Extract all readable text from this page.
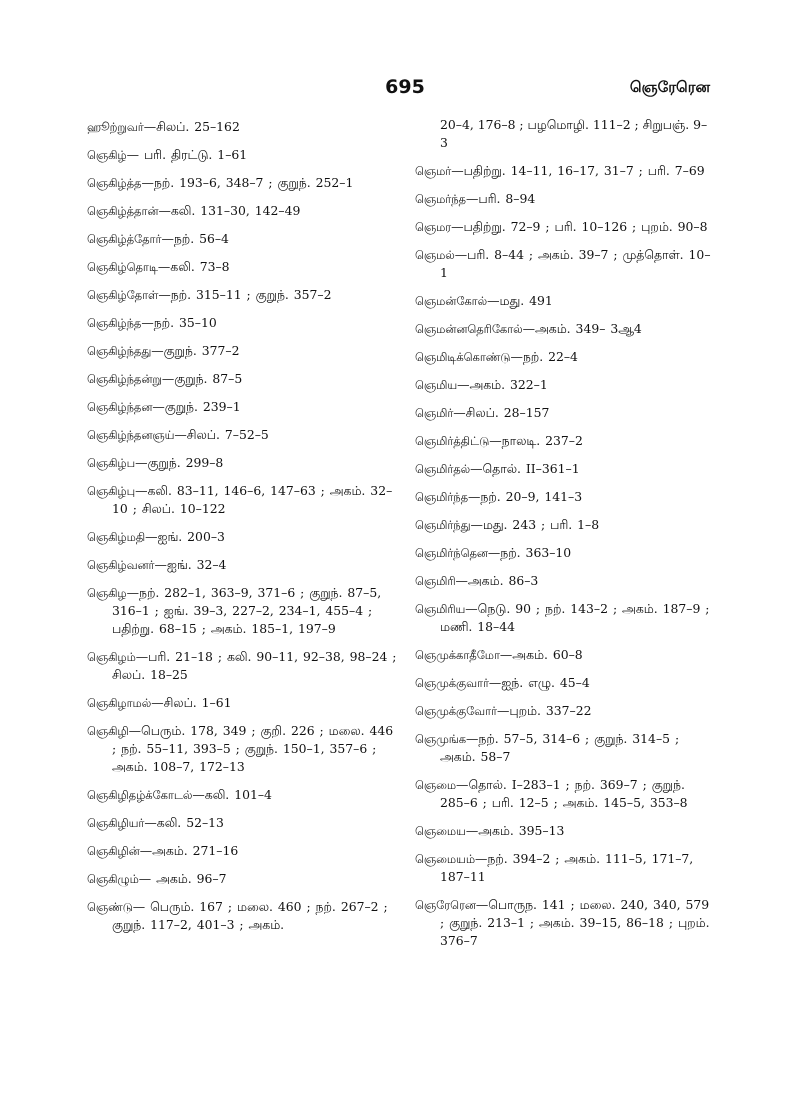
695	ஞெரேரென
ஹூற்றுவர்—சிலப். 25–162
ஞெகிழ்— பரி. திரட்டு. 1–61
ஞெகிழ்த்த—நற். 193–6, 348–7 ; குறுந். 252–1
ஞெகிழ்த்தான்—கலி. 131–30, 142–49
ஞெகிழ்த்தோர்—நற். 56–4
ஞெகிழ்தொடி—கலி. 73–8
ஞெகிழ்தோள்—நற். 315–11 ; குறுந். 357–2
ஞெகிழ்ந்த—நற். 35–10
ஞெகிழ்ந்தது—குறுந். 377–2
ஞெகிழ்ந்தன்று—குறுந். 87–5
ஞெகிழ்ந்தன—குறுந். 239–1
ஞெகிழ்ந்தனஞய்—சிலப். 7–52–5
ஞெகிழ்ப—குறுந். 299–8
ஞெகிழ்பு—கலி. 83–11, 146–6, 147–63 ; அகம். 32–10 ; சிலப். 10–122
ஞெகிழ்மதி—ஐங். 200–3
ஞெகிழ்வனர்—ஐங். 32–4
ஞெகிழ—நற். 282–1, 363–9, 371–6 ; குறுந். 87–5, 316–1 ; ஐங். 39–3, 227–2, 234–1, 455–4 ; பதிற்று. 68–15 ; அகம். 185–1, 197–9
ஞெகிழம்—பரி. 21–18 ; கலி. 90–11, 92–38, 98–24 ; சிலப். 18–25
ஞெகிழாமல்—சிலப். 1–61
ஞெகிழி—பெரும். 178, 349 ; குறி. 226 ; மலை. 446 ; நற். 55–11, 393–5 ; குறுந். 150–1, 357–6 ; அகம். 108–7, 172–13
ஞெகிழிதழ்க்கோடல்—கலி. 101–4
ஞெகிழியர்—கலி. 52–13
ஞெகிழின்—அகம். 271–16
ஞெகிழும்— அகம். 96–7
ஞெண்டு— பெரும். 167 ; மலை. 460 ; நற். 267–2 ; குறுந். 117–2, 401–3 ; அகம்.
20–4, 176–8 ; பழமொழி. 111–2 ; சிறுபஞ். 9–3
ஞெமர்—பதிற்று. 14–11, 16–17, 31–7 ; பரி. 7–69
ஞெமர்ந்த—பரி. 8–94
ஞெமர—பதிற்று. 72–9 ; பரி. 10–126 ; புறம். 90–8
ஞெமல்—பரி. 8–44 ; அகம். 39–7 ; முத்தொள். 10–1
ஞெமன்கோல்—மது. 491
ஞெமன்னதெரிகோல்—அகம். 349– 3ஆ4
ஞெமிடிக்கொண்டு—நற். 22–4
ஞெமிய—அகம். 322–1
ஞெமிர்—சிலப். 28–157
ஞெமிர்த்திட்டு—நாலடி. 237–2
ஞெமிர்தல்—தொல். II–361–1
ஞெமிர்ந்த—நற். 20–9, 141–3
ஞெமிர்ந்து—மது. 243 ; பரி. 1–8
ஞெமிர்ந்தென—நற். 363–10
ஞெமிரி—அகம். 86–3
ஞெமிரிய—நெடு. 90 ; நற். 143–2 ; அகம். 187–9 ; மணி. 18–44
ஞெமுக்காதீமோ—அகம். 60–8
ஞெமுக்குவார்—ஐந். எழு. 45–4
ஞெமுக்குவோர்—புறம். 337–22
ஞெமுங்க—நற். 57–5, 314–6 ; குறுந். 314–5 ; அகம். 58–7
ஞெமை—தொல். I–283–1 ; நற். 369–7 ; குறுந். 285–6 ; பரி. 12–5 ; அகம். 145–5, 353–8
ஞெமைய—அகம். 395–13
ஞெமையம்—நற். 394–2 ; அகம். 111–5, 171–7, 187–11
ஞெரேரென—பொருந. 141 ; மலை. 240, 340, 579 ; குறுந். 213–1 ; அகம். 39–15, 86–18 ; புறம். 376–7
